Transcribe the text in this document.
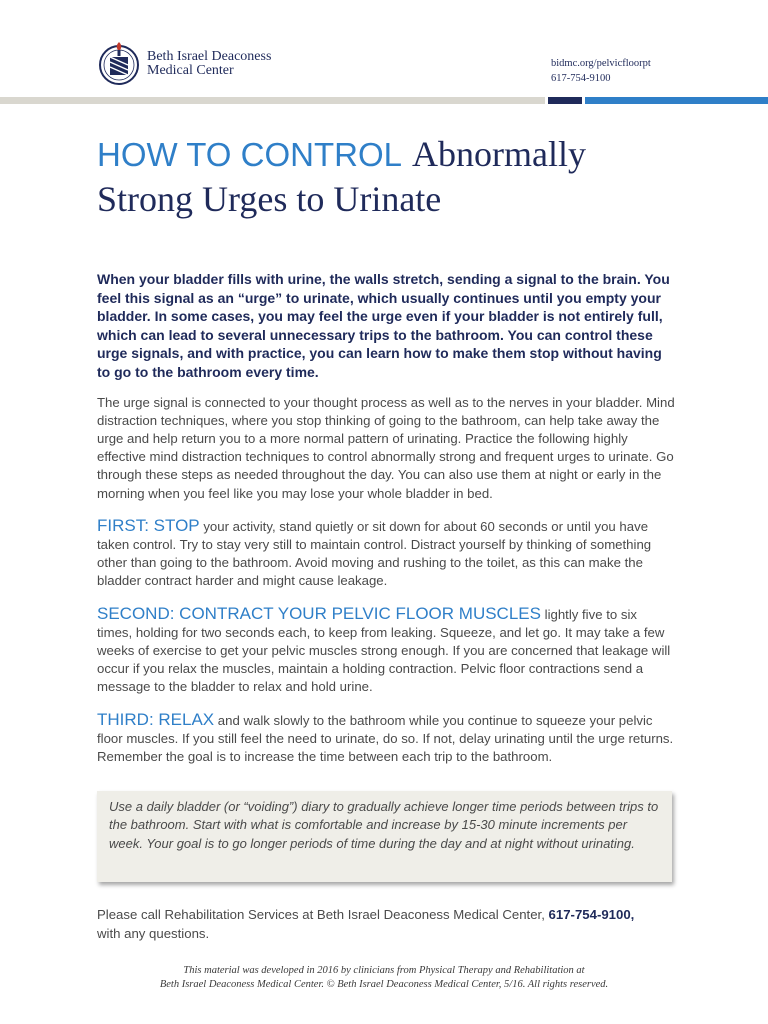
Beth Israel Deaconess
Medical Center	bidmc.org/pelvicfloorpt
617-754-9100
HOW TO CONTROL Abnormally
Strong Urges to Urinate

When your bladder fills with urine, the walls stretch, sending a signal to the brain. You feel this signal as an “urge” to urinate, which usually continues until you empty your bladder. In some cases, you may feel the urge even if your bladder is not entirely full, which can lead to several unnecessary trips to the bathroom. You can control these urge signals, and with practice, you can learn how to make them stop without having to go to the bathroom every time.

The urge signal is connected to your thought process as well as to the nerves in your bladder. Mind distraction techniques, where you stop thinking of going to the bathroom, can help take away the urge and help return you to a more normal pattern of urinating. Practice the following highly effective mind distraction techniques to control abnormally strong and frequent urges to urinate. Go through these steps as needed throughout the day. You can also use them at night or early in the morning when you feel like you may lose your whole bladder in bed.

FIRST: STOP your activity, stand quietly or sit down for about 60 seconds or until you have taken control. Try to stay very still to maintain control. Distract yourself by thinking of something other than going to the bathroom. Avoid moving and rushing to the toilet, as this can make the bladder contract harder and might cause leakage.

SECOND: CONTRACT YOUR PELVIC FLOOR MUSCLES lightly five to six times, holding for two seconds each, to keep from leaking. Squeeze, and let go. It may take a few weeks of exercise to get your pelvic muscles strong enough. If you are concerned that leakage will occur if you relax the muscles, maintain a holding contraction. Pelvic floor contractions send a message to the bladder to relax and hold urine.

THIRD: RELAX and walk slowly to the bathroom while you continue to squeeze your pelvic floor muscles. If you still feel the need to urinate, do so. If not, delay urinating until the urge returns. Remember the goal is to increase the time between each trip to the bathroom.

Use a daily bladder (or “voiding”) diary to gradually achieve longer time periods between trips to the bathroom. Start with what is comfortable and increase by 15-30 minute increments per week. Your goal is to go longer periods of time during the day and at night without urinating.

Please call Rehabilitation Services at Beth Israel Deaconess Medical Center, 617-754-9100,
with any questions.
This material was developed in 2016 by clinicians from Physical Therapy and Rehabilitation at
Beth Israel Deaconess Medical Center. © Beth Israel Deaconess Medical Center, 5/16. All rights reserved.
